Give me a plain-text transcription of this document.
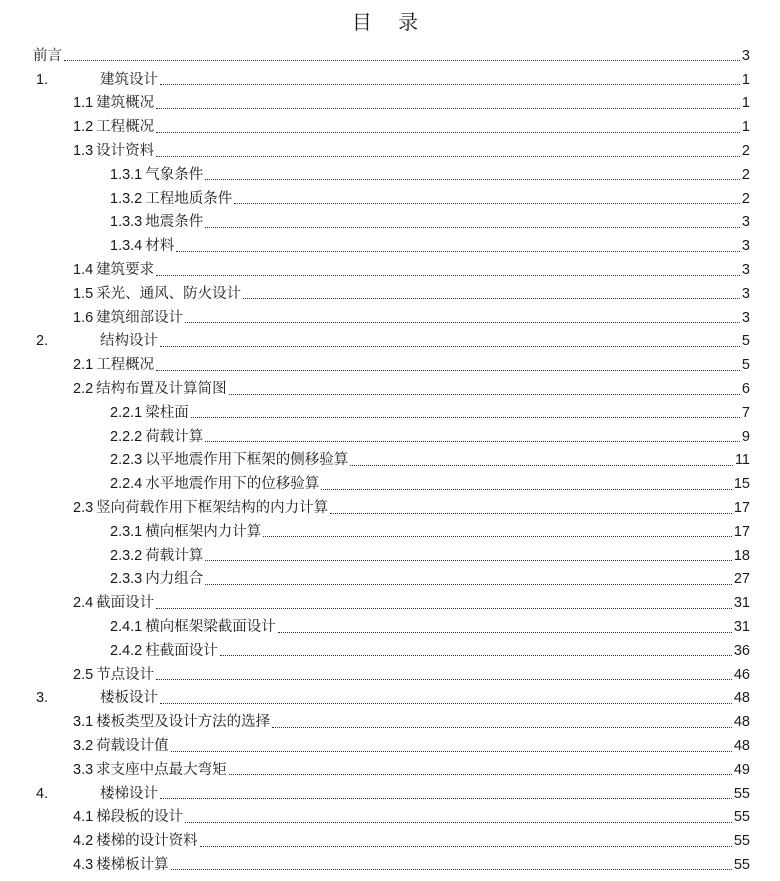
目 录
前言	3
1.	建筑设计	1
1.1 建筑概况	1
1.2 工程概况	1
1.3 设计资料	2
1.3.1 气象条件	2
1.3.2 工程地质条件	2
1.3.3 地震条件	3
1.3.4 材料	3
1.4 建筑要求	3
1.5 采光、通风、防火设计	3
1.6 建筑细部设计	3
2.	结构设计	5
2.1 工程概况	5
2.2 结构布置及计算简图	6
2.2.1 梁柱面	7
2.2.2 荷载计算	9
2.2.3 以平地震作用下框架的侧移验算	11
2.2.4 水平地震作用下的位移验算	15
2.3 竖向荷载作用下框架结构的内力计算	17
2.3.1 横向框架内力计算	17
2.3.2 荷载计算	18
2.3.3 内力组合	27
2.4 截面设计	31
2.4.1 横向框架梁截面设计	31
2.4.2 柱截面设计	36
2.5 节点设计	46
3.	楼板设计	48
3.1 楼板类型及设计方法的选择	48
3.2 荷载设计值	48
3.3 求支座中点最大弯矩	49
4.	楼梯设计	55
4.1 梯段板的设计	55
4.2 楼梯的设计资料	55
4.3 楼梯板计算	55
